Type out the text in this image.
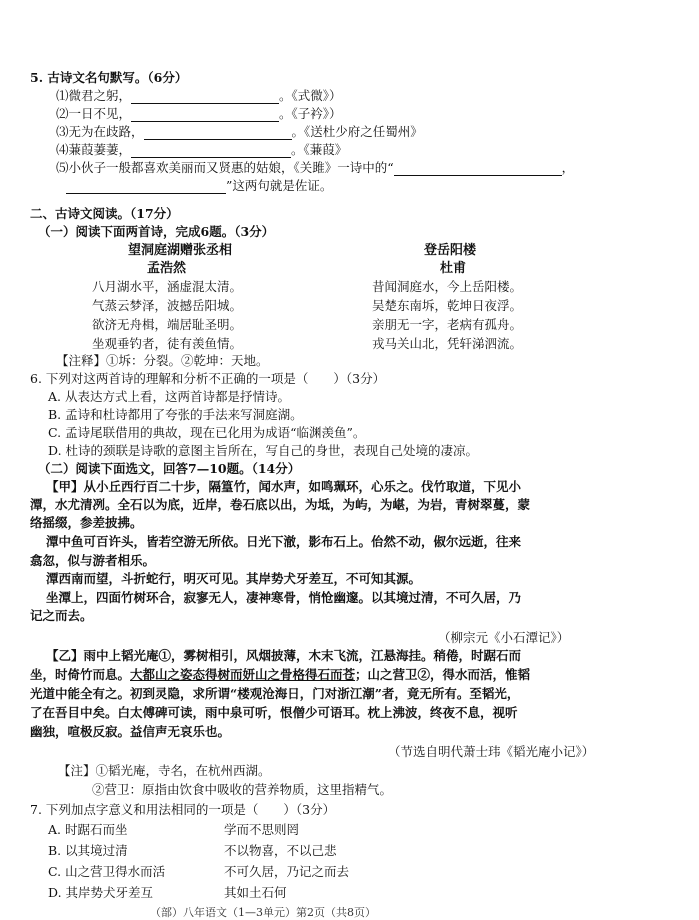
5. 古诗文名句默写。（6分）
⑴微君之躬，	。《式微》）
⑵一日不见，	。《子衿》）
⑶无为在歧路，	。《送杜少府之任蜀州》
⑷蒹葭萋萋，	。《蒹葭》
⑸小伙子一般都喜欢美丽而又贤惠的姑娘，《关雎》一诗中的“	，
”这两句就是佐证。
二、古诗文阅读。（17分）
（一）阅读下面两首诗，完成6题。（3分）
望洞庭湖赠张丞相
孟浩然
八月湖水平，涵虚混太清。
气蒸云梦泽，波撼岳阳城。
欲济无舟楫，端居耻圣明。
坐观垂钓者，徒有羡鱼情。
登岳阳楼
杜甫
昔闻洞庭水，今上岳阳楼。
吴楚东南坼，乾坤日夜浮。
亲朋无一字，老病有孤舟。
戎马关山北，凭轩涕泗流。
【注释】①坼：分裂。②乾坤：天地。
6. 下列对这两首诗的理解和分析不正确的一项是（　　）（3分）
A. 从表达方式上看，这两首诗都是抒情诗。
B. 孟诗和杜诗都用了夸张的手法来写洞庭湖。
C. 孟诗尾联借用的典故，现在已化用为成语“临渊羡鱼”。
D. 杜诗的颈联是诗歌的意图主旨所在，写自己的身世，表现自己处境的凄凉。
（二）阅读下面选文，回答7—10题。（14分）
【甲】从小丘西行百二十步，隔篁竹，闻水声，如鸣珮环，心乐之。伐竹取道，下见小
潭，水尤清冽。全石以为底，近岸，卷石底以出，为坻，为屿，为嵁，为岩，青树翠蔓，蒙
络摇缀，参差披拂。
潭中鱼可百许头，皆若空游无所依。日光下澈，影布石上。佁然不动，俶尔远逝，往来
翕忽，似与游者相乐。
潭西南而望，斗折蛇行，明灭可见。其岸势犬牙差互，不可知其源。
坐潭上，四面竹树环合，寂寥无人，凄神寒骨，悄怆幽邃。以其境过清，不可久居，乃
记之而去。
（柳宗元《小石潭记》）
【乙】雨中上韬光庵①，雾树相引，风烟披薄，木末飞流，江悬海挂。稍倦，时踞石而
坐，时倚竹而息。大都山之姿态得树而妍山之骨格得石而苍；山之营卫②，得水而活，惟韬
光道中能全有之。初到灵隐，求所谓“楼观沧海日，门对浙江潮”者，竟无所有。至韬光，
了在吾目中矣。白太傅碑可读，雨中泉可听，恨僧少可语耳。枕上沸波，终夜不息，视听
幽独，喧极反寂。益信声无哀乐也。
（节选自明代萧士玮《韬光庵小记》）
【注】①韬光庵，寺名，在杭州西湖。
②营卫：原指由饮食中吸收的营养物质，这里指精气。
7. 下列加点字意义和用法相同的一项是（　　）（3分）
A. 时踞石而坐	学而不思则罔
B. 以其境过清	不以物喜，不以己悲
C. 山之营卫得水而活	不可久居，乃记之而去
D. 其岸势犬牙差互	其如土石何
（部）八年语文（1—3单元）第2页（共8页）
